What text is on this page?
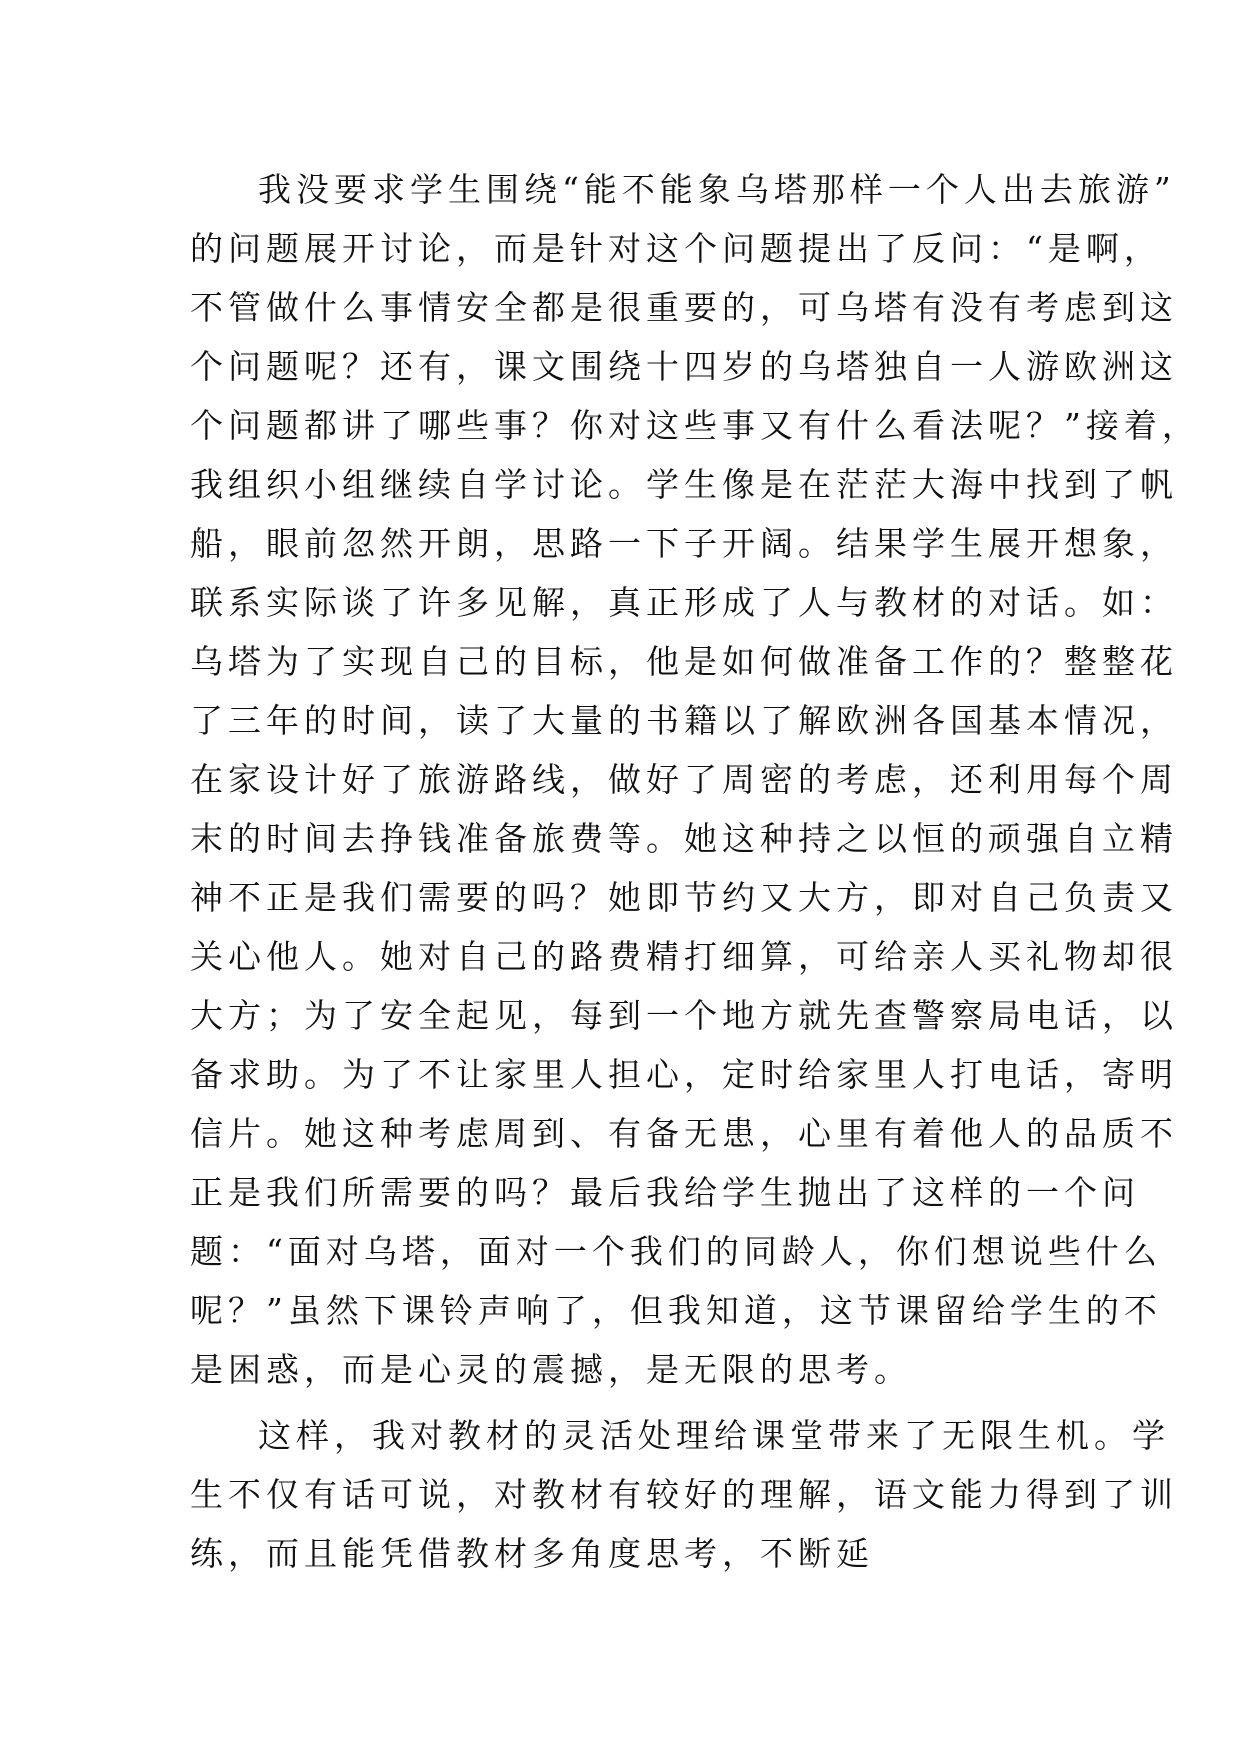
我没要求学生围绕“能不能象乌塔那样一个人出去旅游”
的问题展开讨论，而是针对这个问题提出了反问：“是啊，
不管做什么事情安全都是很重要的，可乌塔有没有考虑到这
个问题呢？还有，课文围绕十四岁的乌塔独自一人游欧洲这
个问题都讲了哪些事？你对这些事又有什么看法呢？”接着，
我组织小组继续自学讨论。学生像是在茫茫大海中找到了帆
船，眼前忽然开朗，思路一下子开阔。结果学生展开想象，
联系实际谈了许多见解，真正形成了人与教材的对话。如：
乌塔为了实现自己的目标，他是如何做准备工作的？整整花
了三年的时间，读了大量的书籍以了解欧洲各国基本情况，
在家设计好了旅游路线，做好了周密的考虑，还利用每个周
末的时间去挣钱准备旅费等。她这种持之以恒的顽强自立精
神不正是我们需要的吗？她即节约又大方，即对自己负责又
关心他人。她对自己的路费精打细算，可给亲人买礼物却很
大方；为了安全起见，每到一个地方就先查警察局电话，以
备求助。为了不让家里人担心，定时给家里人打电话，寄明
信片。她这种考虑周到、有备无患，心里有着他人的品质不
正是我们所需要的吗？最后我给学生抛出了这样的一个问
题：“面对乌塔，面对一个我们的同龄人，你们想说些什么
呢？”虽然下课铃声响了，但我知道，这节课留给学生的不
是困惑，而是心灵的震撼，是无限的思考。
这样，我对教材的灵活处理给课堂带来了无限生机。学
生不仅有话可说，对教材有较好的理解，语文能力得到了训
练，而且能凭借教材多角度思考，不断延
